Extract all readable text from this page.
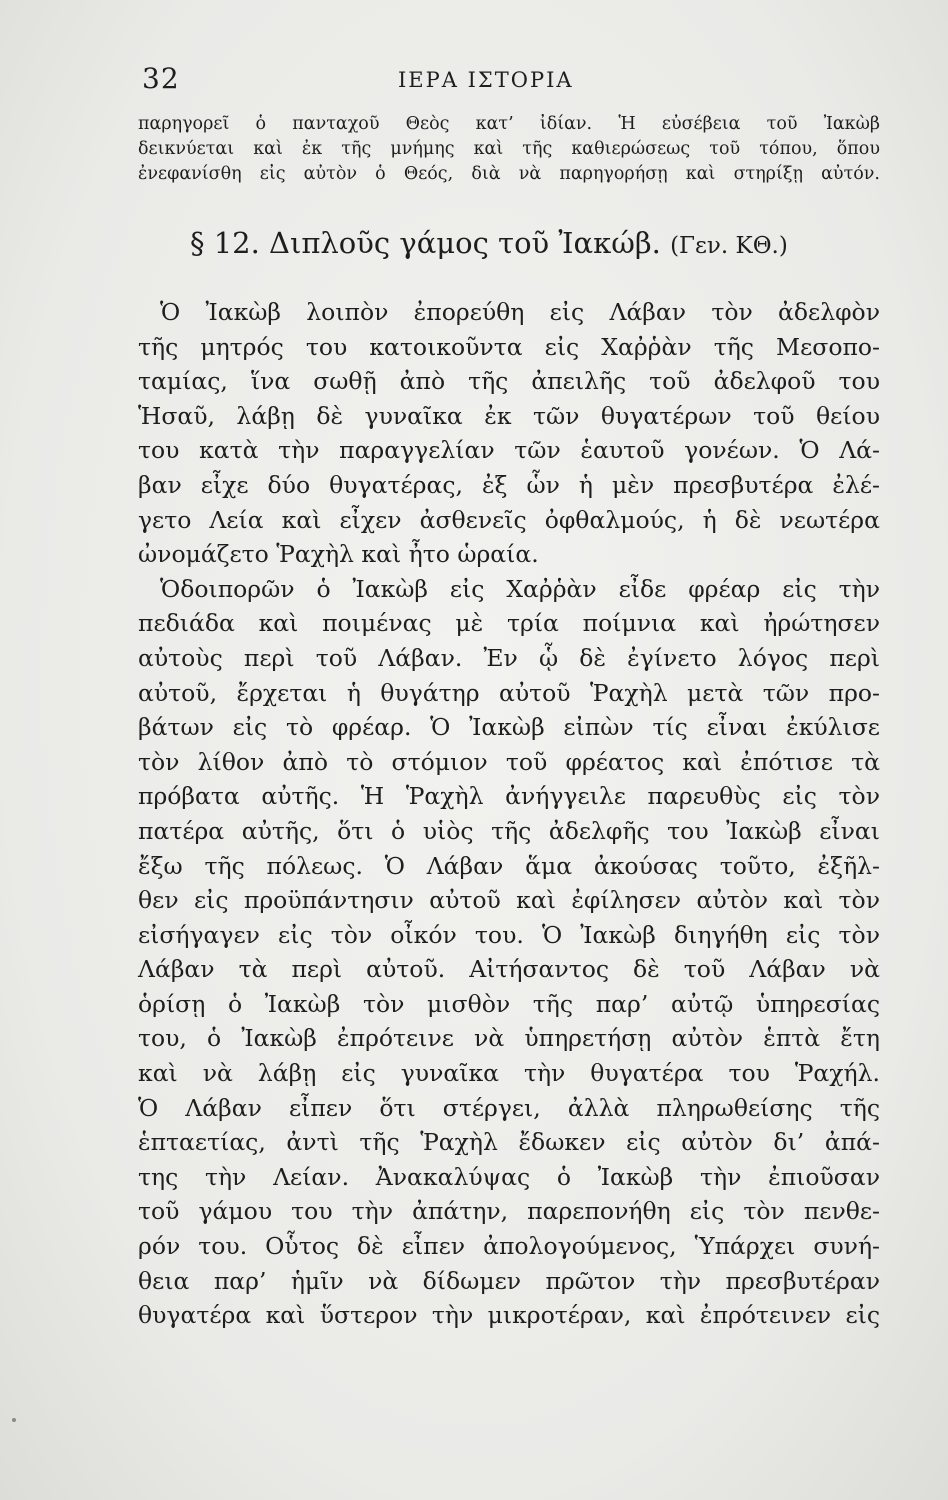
32	ΙΕΡΑ ΙΣΤΟΡΙΑ
παρηγορεῖ ὁ πανταχοῦ Θεὸς κατ’ ἰδίαν. Ἡ εὐσέβεια τοῦ Ἰακὼβ
δεικνύεται καὶ ἐκ τῆς μνήμης καὶ τῆς καθιερώσεως τοῦ τόπου, ὅπου
ἐνεφανίσθη εἰς αὐτὸν ὁ Θεός, διὰ νὰ παρηγορήσῃ καὶ στηρίξῃ αὐτόν.
§ 12. Διπλοῦς γάμος τοῦ Ἰακώβ. (Γεν. ΚΘ.)
Ὁ Ἰακὼβ λοιπὸν ἐπορεύθη εἰς Λάβαν τὸν ἀδελφὸν
τῆς μητρός του κατοικοῦντα εἰς Χαῤῥὰν τῆς Μεσοπο-
ταμίας, ἵνα σωθῇ ἀπὸ τῆς ἀπειλῆς τοῦ ἀδελφοῦ του
Ἡσαῦ, λάβῃ δὲ γυναῖκα ἐκ τῶν θυγατέρων τοῦ θείου
του κατὰ τὴν παραγγελίαν τῶν ἑαυτοῦ γονέων. Ὁ Λά-
βαν εἶχε δύο θυγατέρας, ἐξ ὧν ἡ μὲν πρεσβυτέρα ἐλέ-
γετο Λεία καὶ εἶχεν ἀσθενεῖς ὀφθαλμούς, ἡ δὲ νεωτέρα
ὠνομάζετο Ῥαχὴλ καὶ ἦτο ὡραία.
Ὁδοιπορῶν ὁ Ἰακὼβ εἰς Χαῤῥὰν εἶδε φρέαρ εἰς τὴν
πεδιάδα καὶ ποιμένας μὲ τρία ποίμνια καὶ ἠρώτησεν
αὐτοὺς περὶ τοῦ Λάβαν. Ἐν ᾧ δὲ ἐγίνετο λόγος περὶ
αὐτοῦ, ἔρχεται ἡ θυγάτηρ αὐτοῦ Ῥαχὴλ μετὰ τῶν προ-
βάτων εἰς τὸ φρέαρ. Ὁ Ἰακὼβ εἰπὼν τίς εἶναι ἐκύλισε
τὸν λίθον ἀπὸ τὸ στόμιον τοῦ φρέατος καὶ ἐπότισε τὰ
πρόβατα αὐτῆς. Ἡ Ῥαχὴλ ἀνήγγειλε παρευθὺς εἰς τὸν
πατέρα αὐτῆς, ὅτι ὁ υἱὸς τῆς ἀδελφῆς του Ἰακὼβ εἶναι
ἔξω τῆς πόλεως. Ὁ Λάβαν ἅμα ἀκούσας τοῦτο, ἐξῆλ-
θεν εἰς προϋπάντησιν αὐτοῦ καὶ ἐφίλησεν αὐτὸν καὶ τὸν
εἰσήγαγεν εἰς τὸν οἶκόν του. Ὁ Ἰακὼβ διηγήθη εἰς τὸν
Λάβαν τὰ περὶ αὐτοῦ. Αἰτήσαντος δὲ τοῦ Λάβαν νὰ
ὁρίσῃ ὁ Ἰακὼβ τὸν μισθὸν τῆς παρ’ αὐτῷ ὑπηρεσίας
του, ὁ Ἰακὼβ ἐπρότεινε νὰ ὑπηρετήσῃ αὐτὸν ἑπτὰ ἔτη
καὶ νὰ λάβῃ εἰς γυναῖκα τὴν θυγατέρα του Ῥαχήλ.
Ὁ Λάβαν εἶπεν ὅτι στέργει, ἀλλὰ πληρωθείσης τῆς
ἑπταετίας, ἀντὶ τῆς Ῥαχὴλ ἔδωκεν εἰς αὐτὸν δι’ ἀπά-
της τὴν Λείαν. Ἀνακαλύψας ὁ Ἰακὼβ τὴν ἐπιοῦσαν
τοῦ γάμου του τὴν ἀπάτην, παρεπονήθη εἰς τὸν πενθε-
ρόν του. Οὗτος δὲ εἶπεν ἀπολογούμενος, Ὑπάρχει συνή-
θεια παρ’ ἡμῖν νὰ δίδωμεν πρῶτον τὴν πρεσβυτέραν
θυγατέρα καὶ ὕστερον τὴν μικροτέραν, καὶ ἐπρότεινεν εἰς
